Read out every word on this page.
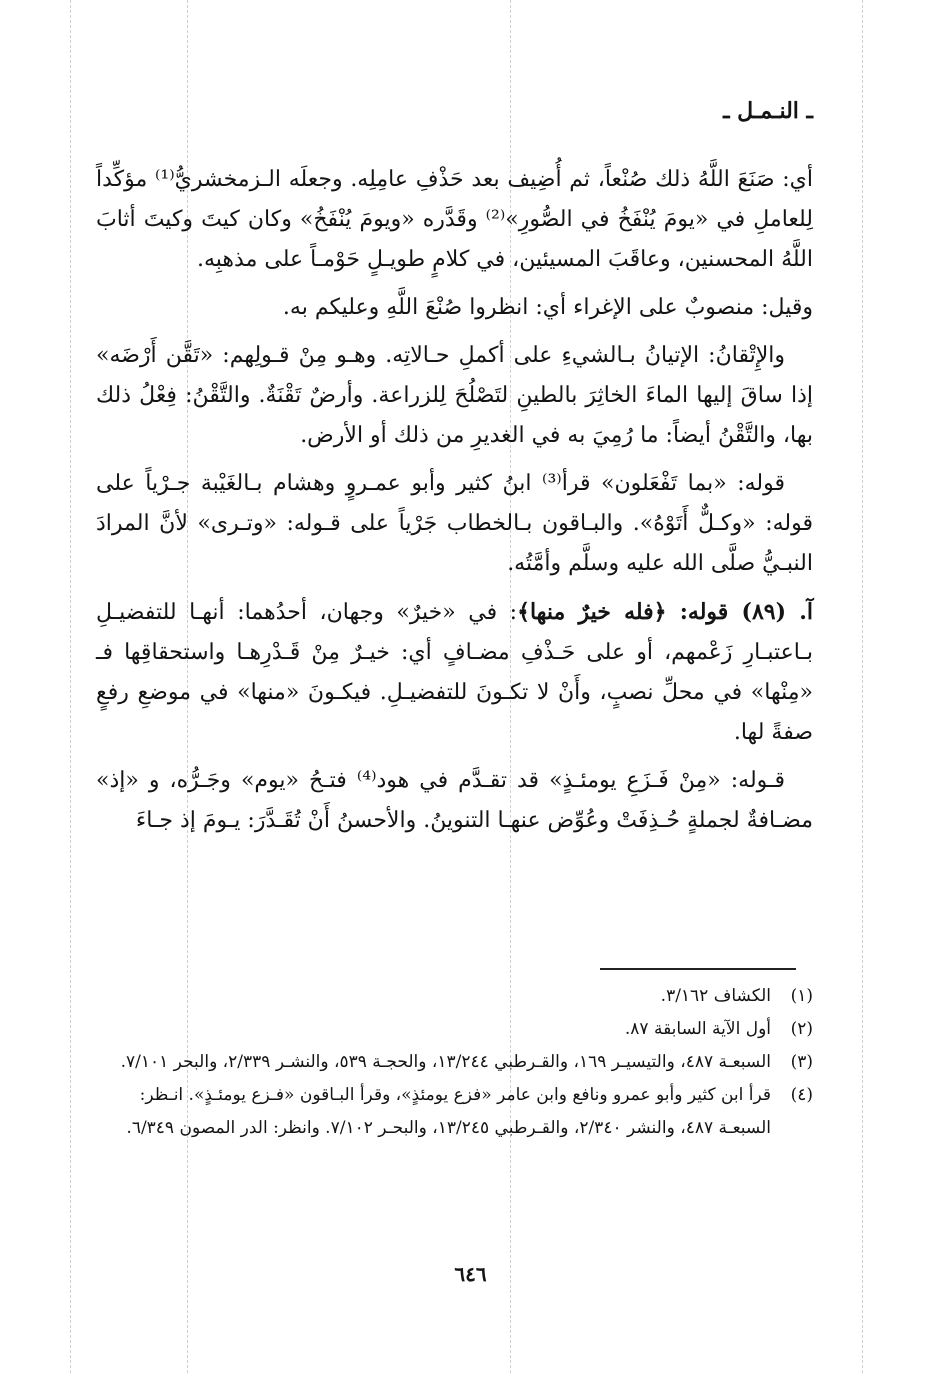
ـ النـمـل ـ

أي: صَنَعَ اللَّهُ ذلك صُنْعاً، ثم أُضِيف بعد حَذْفِ عامِلِه. وجعلَه الـزمخشريُّ⁽¹⁾ مؤكِّداً لِلعاملِ في «يومَ يُنْفَخُ في الصُّورِ»⁽²⁾ وقَدَّره «ويومَ يُنْفَخُ» وكان كيتَ وكيتَ أثابَ اللَّهُ المحسنين، وعاقَبَ المسيئين، في كلامٍ طويـلٍ حَوْمـاً على مذهبِه.

وقيل: منصوبٌ على الإغراء أي: انظروا صُنْعَ اللَّهِ وعليكم به.

والإِتْقانُ: الإتيانُ بـالشيءِ على أكملِ حـالاتِه. وهـو مِنْ قـولِهم: «تَقَّن أَرْضَه» إذا ساقَ إليها الماءَ الخاثِرَ بالطينِ لتَصْلُحَ لِلزراعة. وأرضٌ تَقْنَةٌ. والتَّقْنُ: فِعْلُ ذلك بها، والتَّقْنُ أيضاً: ما رُمِيَ به في الغديرِ من ذلك أو الأرض.

قوله: «بما تَفْعَلون» قرأ⁽³⁾ ابنُ كثير وأبو عمـروٍ وهشام بـالغَيْبة جـرْياً على قوله: «وكـلٌّ أَتَوْهُ». والبـاقون بـالخطاب جَرْياً على قـوله: «وتـرى» لأنَّ المرادَ النبـيُّ صلَّى الله عليه وسلَّم وأمَّتُه.

آ. (٨٩) قوله: ﴿فله خيرٌ منها﴾: في «خيرٌ» وجهان، أحدُهما: أنهـا للتفضيـلِ بـاعتبـارِ زَعْمهم، أو على حَـذْفِ مضـافٍ أي: خيـرٌ مِنْ قَـدْرِهـا واستحقاقِها فـ «مِنْها» في محلِّ نصبٍ، وأَنْ لا تكـونَ للتفضيـلِ. فيكـونَ «منها» في موضعِ رفعٍ صفةً لها.

قـوله: «مِنْ فَـزَعِ يومئـذٍ» قد تقـدَّم في هود⁽⁴⁾ فتـحُ «يوم» وجَـرُّه، و «إذ» مضـافةٌ لجملةٍ حُـذِفَتْ وعُوِّض عنهـا التنوينُ. والأحسنُ أَنْ تُقَـدَّرَ: يـومَ إذ جـاءَ

(١)
الكشاف ٣/١٦٢.
(٢)
أول الآية السابقة ٨٧.
(٣)
السبعـة ٤٨٧، والتيسيـر ١٦٩، والقـرطبي ١٣/٢٤٤، والحجـة ٥٣٩، والنشـر ٢/٣٣٩، والبحر ٧/١٠١.
(٤)
قرأ ابن كثير وأبو عمرو ونافع وابن عامر «فزع يومئذٍ»، وقرأ البـاقون «فـزع يومئـذٍ». انـظر: السبعـة ٤٨٧، والنشر ٢/٣٤٠، والقـرطبي ١٣/٢٤٥، والبحـر ٧/١٠٢. وانظر: الدر المصون ٦/٣٤٩.
٦٤٦
